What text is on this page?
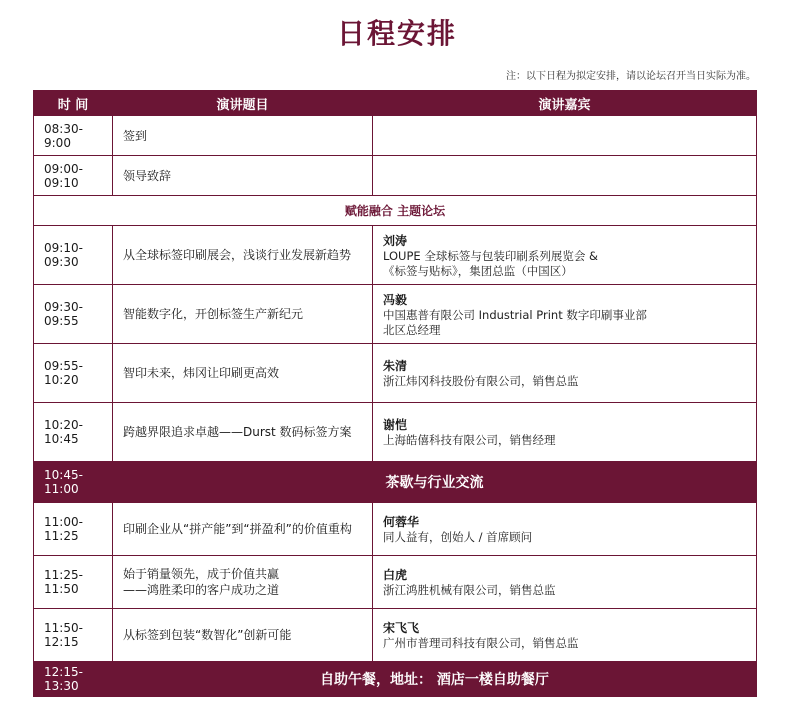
日程安排
注：以下日程为拟定安排，请以论坛召开当日实际为准。
时 间	演讲题目	演讲嘉宾
08:30-9:00	签到	
09:00-09:10	领导致辞	
赋能融合 主题论坛		
09:10-09:30	从全球标签印刷展会，浅谈行业发展新趋势	刘涛
LOUPE 全球标签与包装印刷系列展览会 &
《标签与贴标》，集团总监（中国区）

09:30-09:55	智能数字化，开创标签生产新纪元	冯毅
中国惠普有限公司 Industrial Print 数字印刷事业部
北区总经理

09:55-10:20	智印未来，炜冈让印刷更高效	朱清
浙江炜冈科技股份有限公司，销售总监

10:20-10:45	跨越界限追求卓越——Durst 数码标签方案	谢恺
上海皓僖科技有限公司，销售经理

10:45-11:00	茶歇与行业交流	
11:00-11:25	印刷企业从“拼产能”到“拼盈利”的价值重构	何蓉华
同人益有，创始人 / 首席顾问

11:25-11:50	始于销量领先，成于价值共赢
——鸿胜柔印的客户成功之道	白虎
浙江鸿胜机械有限公司，销售总监

11:50-12:15	从标签到包装“数智化”创新可能	宋飞飞
广州市普理司科技有限公司，销售总监

12:15-13:30	自助午餐，地址： 酒店一楼自助餐厅	
